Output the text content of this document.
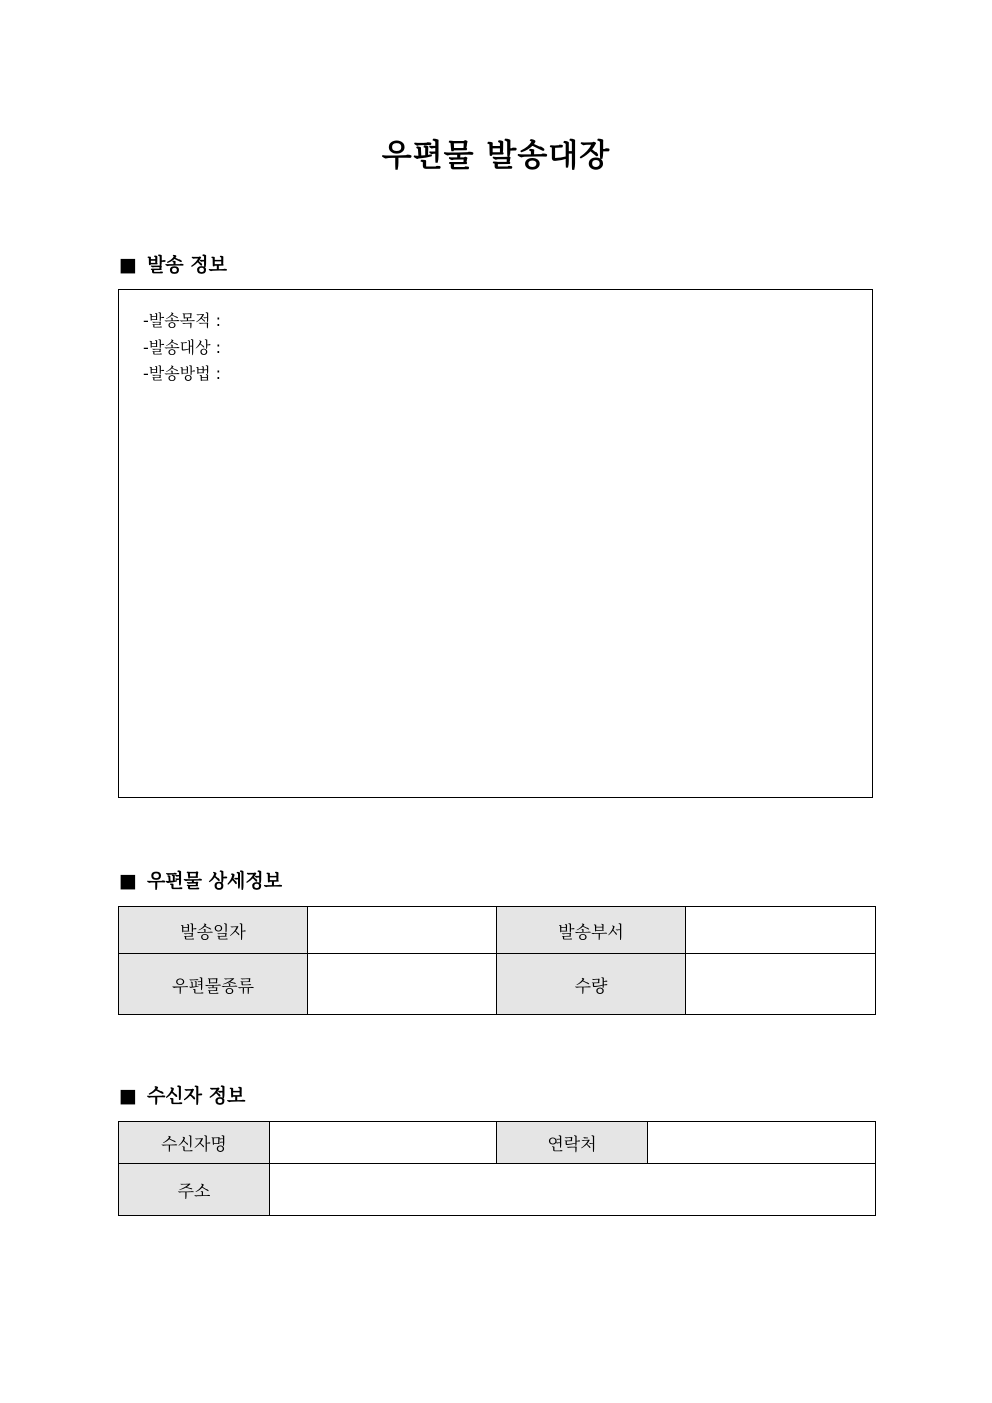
우편물 발송대장
■ 발송 정보
-발송목적 :
-발송대상 :
-발송방법 :
■ 우편물 상세정보
발송일자		발송부서	
우편물종류		수량	
■ 수신자 정보
수신자명		연락처	
주소			
